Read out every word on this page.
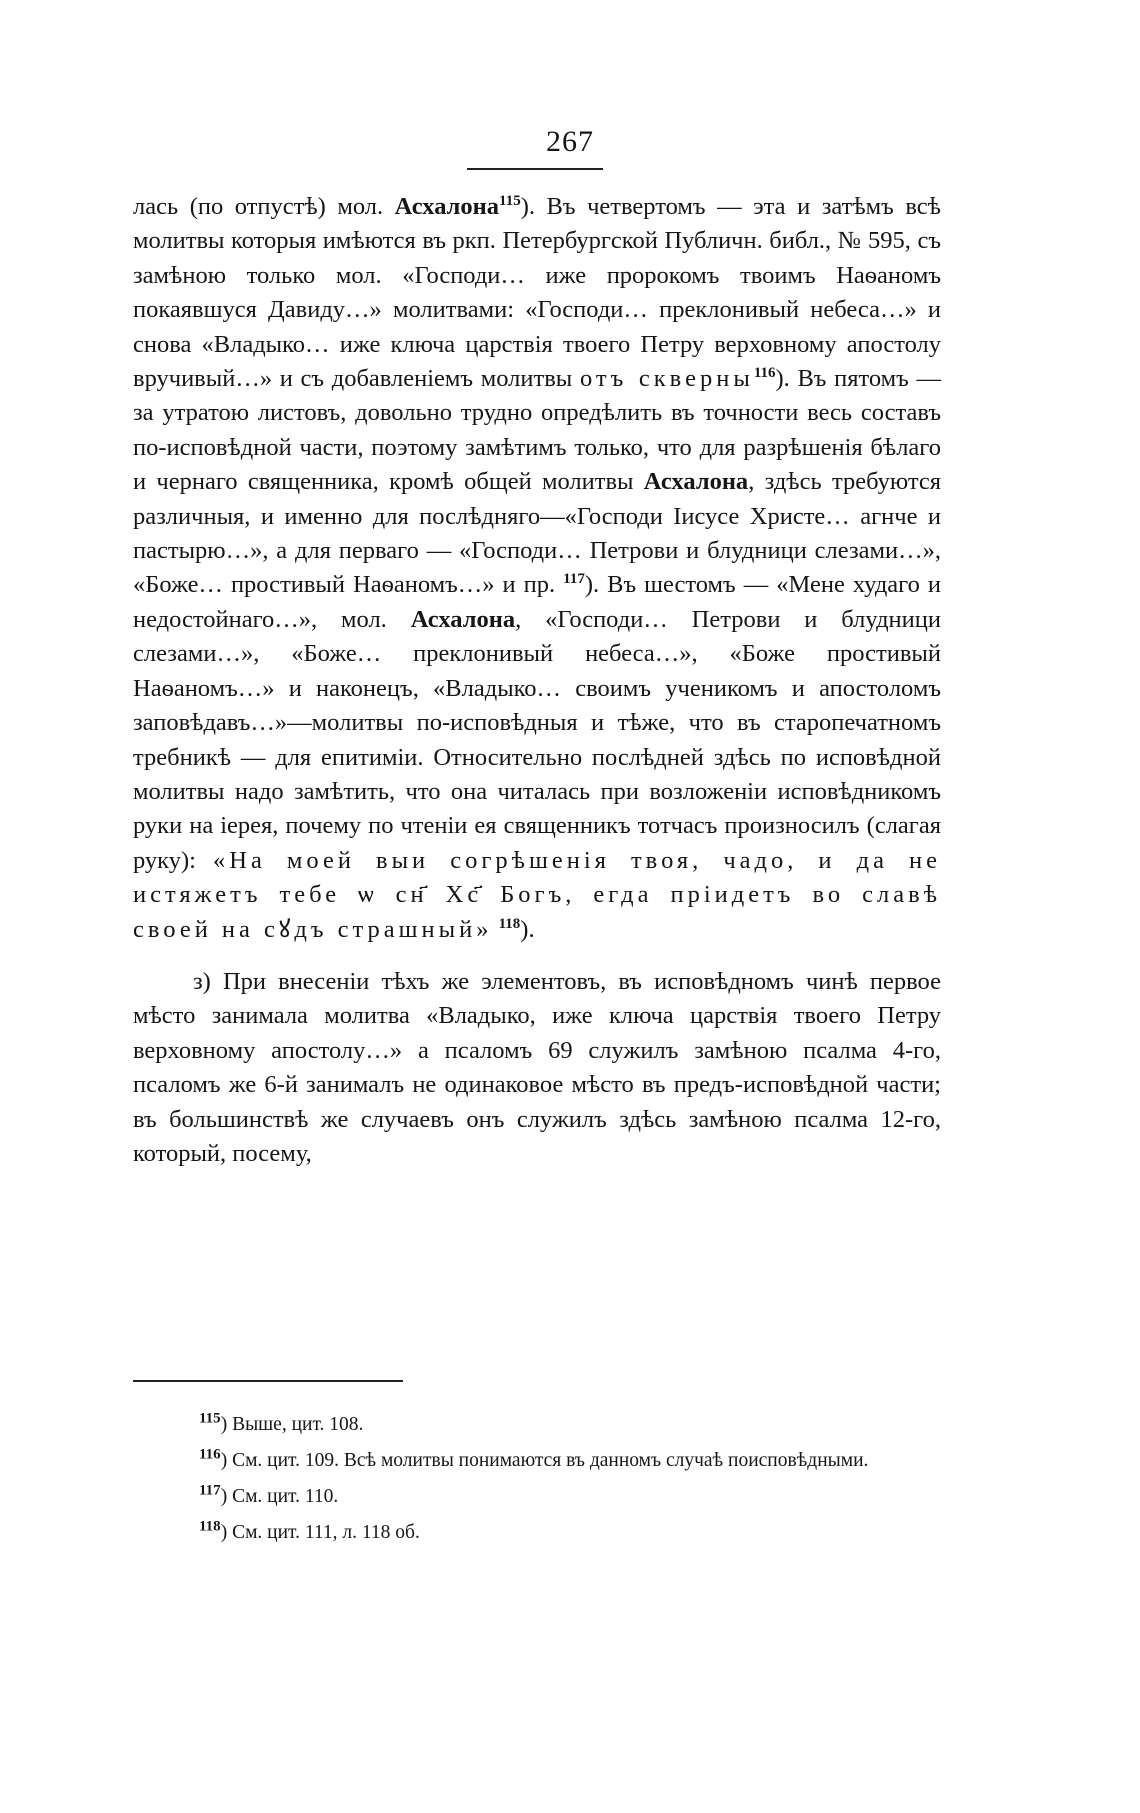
267

лась (по отпустѣ) мол. Асхалона$^{115}$). Въ четвертомъ — эта и затѣмъ всѣ молитвы которыя имѣются въ ркп. Петербургской Публичн. библ., № 595, съ замѣною только мол. «Господи… иже пророкомъ твоимъ Наѳаномъ покаявшуся Давиду…» молитвами: «Господи… преклонивый небеса…» и снова «Владыко… иже ключа царствія твоего Петру верховному апостолу вручивый…» и съ добавленіемъ молитвы отъ скверны$^{116}$). Въ пятомъ — за утратою листовъ, довольно трудно опредѣлить въ точности весь составъ по-исповѣдной части, поэтому замѣтимъ только, что для разрѣшенія бѣлаго и чернаго священника, кромѣ общей молитвы Асхалона, здѣсь требуются различныя, и именно для послѣдняго—«Господи Іисусе Христе… агнче и пастырю…», а для перваго — «Господи… Петрови и блудници слезами…», «Боже… простивый Наѳаномъ…» и пр. $^{117}$). Въ шестомъ — «Мене худаго и недостойнаго…», мол. Асхалона, «Господи… Петрови и блудници слезами…», «Боже… преклонивый небеса…», «Боже простивый Наѳаномъ…» и наконецъ, «Владыко… своимъ ученикомъ и апостоломъ заповѣдавъ…»—молитвы по-исповѣдныя и тѣже, что въ старопечатномъ требникѣ — для епитиміи. Относительно послѣдней здѣсь по исповѣдной молитвы надо замѣтить, что она читалась при возложеніи исповѣдникомъ руки на іерея, почему по чтеніи ея священникъ тотчасъ произносилъ (слагая руку): «На моей выи согрѣшенія твоя, чадо, и да не истяжетъ тебе ѡ сн҃ Хс҃ Богъ, егда пріидетъ во славѣ своей на сꙋдъ страшный» $^{118}$).

з) При внесеніи тѣхъ же элементовъ, въ исповѣдномъ чинѣ первое мѣсто занимала молитва «Владыко, иже ключа царствія твоего Петру верховному апостолу…» а псаломъ 69 служилъ замѣною псалма 4-го, псаломъ же 6-й занималъ не одинаковое мѣсто въ предъ-исповѣдной части; въ большинствѣ же случаевъ онъ служилъ здѣсь замѣною псалма 12-го, который, посему,

$^{115}$) Выше, цит. 108.

$^{116}$) См. цит. 109. Всѣ молитвы понимаются въ данномъ случаѣ поисповѣдными.

$^{117}$) См. цит. 110.

$^{118}$) См. цит. 111, л. 118 об.
